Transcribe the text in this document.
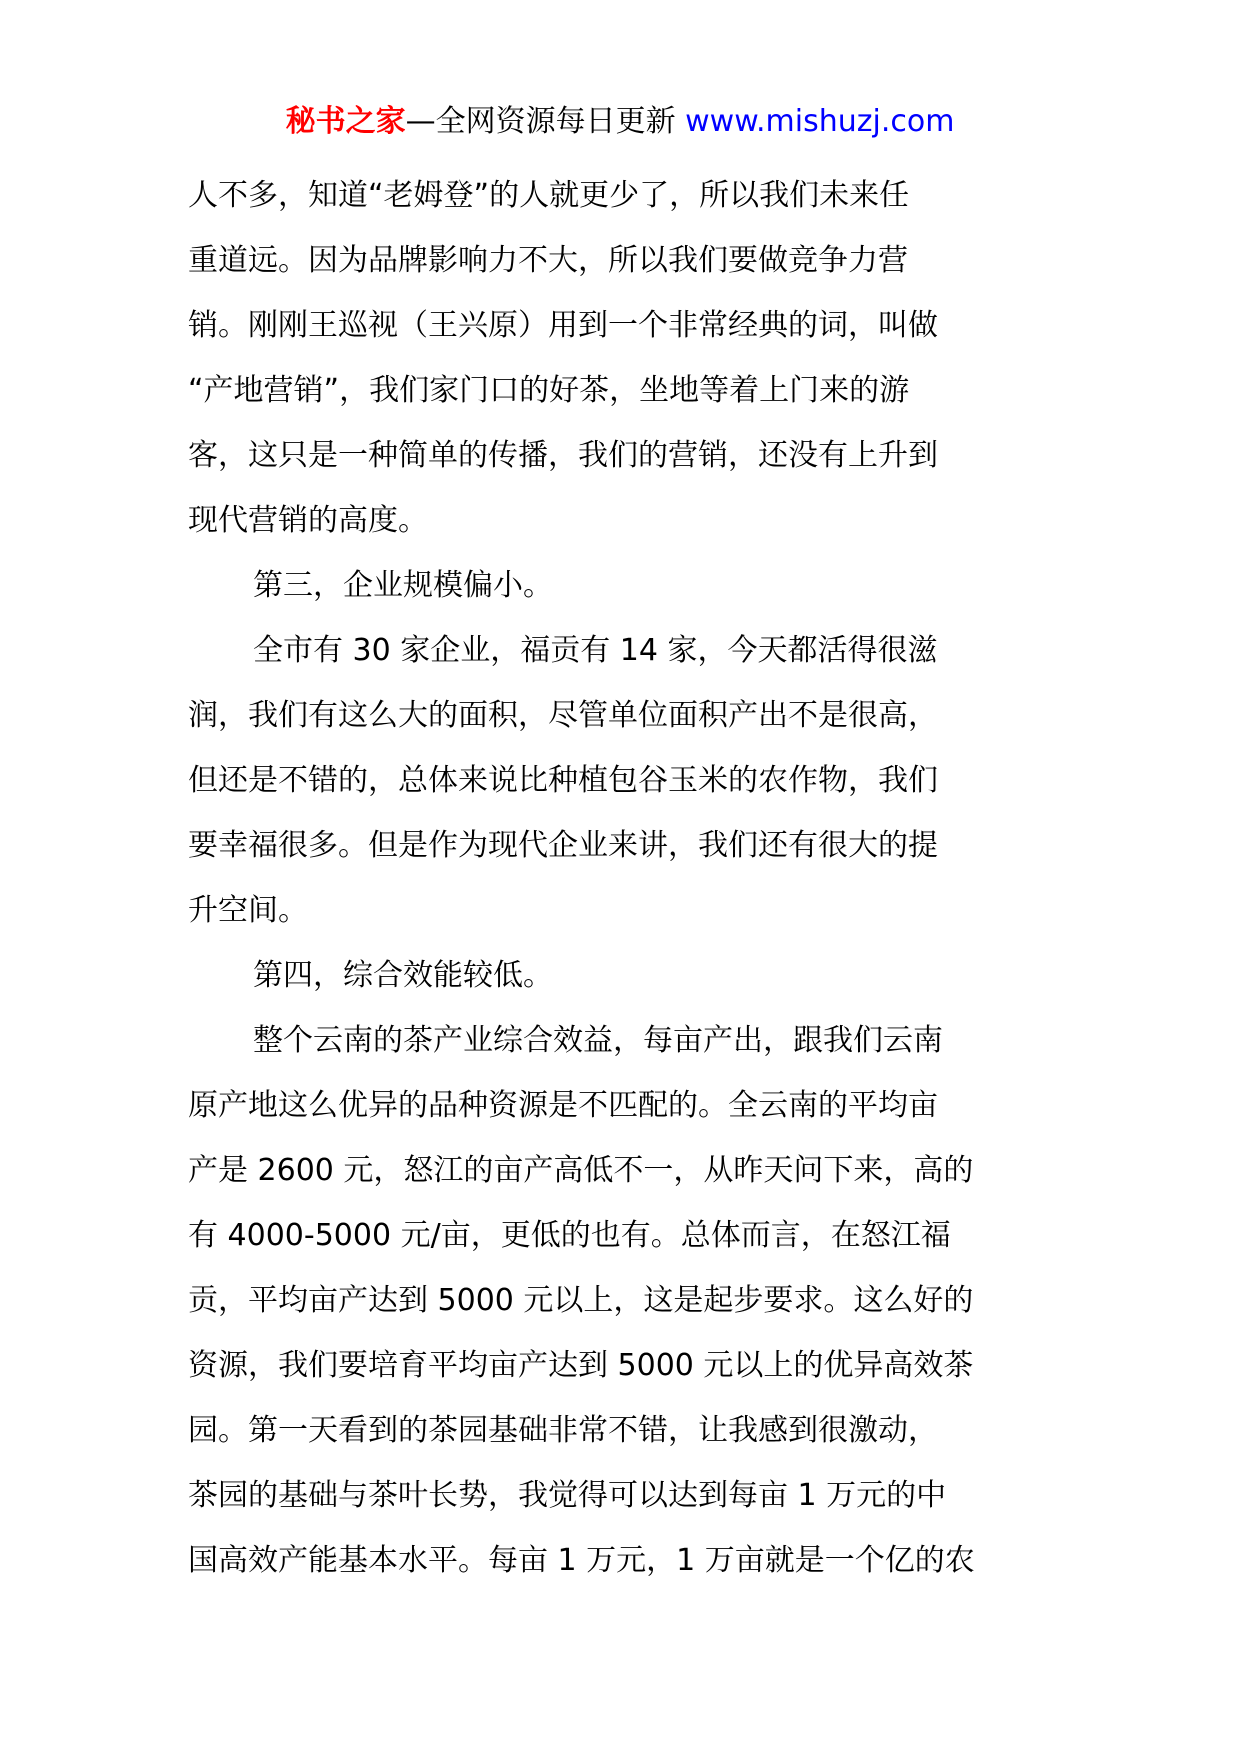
秘书之家—全网资源每日更新 www.mishuzj.com
人不多，知道“老姆登”的人就更少了，所以我们未来任
重道远。因为品牌影响力不大，所以我们要做竞争力营
销。刚刚王巡视（王兴原）用到一个非常经典的词，叫做
“产地营销”，我们家门口的好茶，坐地等着上门来的游
客，这只是一种简单的传播，我们的营销，还没有上升到
现代营销的高度。
第三，企业规模偏小。
全市有 30 家企业，福贡有 14 家，今天都活得很滋
润，我们有这么大的面积，尽管单位面积产出不是很高，
但还是不错的，总体来说比种植包谷玉米的农作物，我们
要幸福很多。但是作为现代企业来讲，我们还有很大的提
升空间。
第四，综合效能较低。
整个云南的茶产业综合效益，每亩产出，跟我们云南
原产地这么优异的品种资源是不匹配的。全云南的平均亩
产是 2600 元，怒江的亩产高低不一，从昨天问下来，高的
有 4000-5000 元/亩，更低的也有。总体而言，在怒江福
贡，平均亩产达到 5000 元以上，这是起步要求。这么好的
资源，我们要培育平均亩产达到 5000 元以上的优异高效茶
园。第一天看到的茶园基础非常不错，让我感到很激动，
茶园的基础与茶叶长势，我觉得可以达到每亩 1 万元的中
国高效产能基本水平。每亩 1 万元，1 万亩就是一个亿的农
